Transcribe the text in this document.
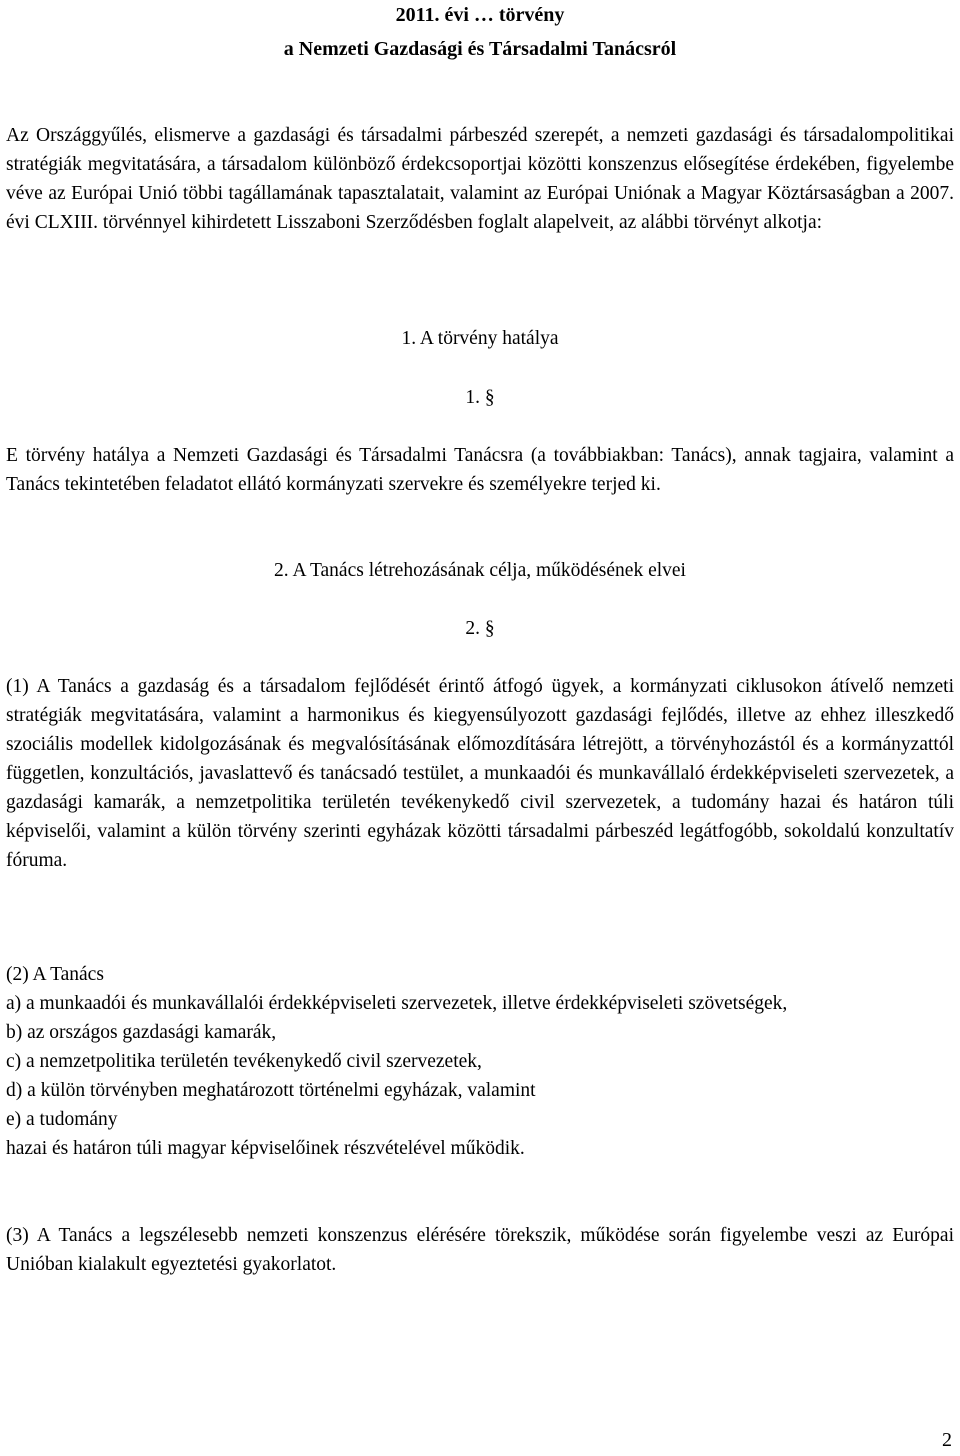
2011. évi … törvény

a Nemzeti Gazdasági és Társadalmi Tanácsról

Az Országgyűlés, elismerve a gazdasági és társadalmi párbeszéd szerepét, a nemzeti gazdasági és társadalompolitikai stratégiák megvitatására, a társadalom különböző érdekcsoportjai közötti konszenzus elősegítése érdekében, figyelembe véve az Európai Unió többi tagállamának tapasztalatait, valamint az Európai Uniónak a Magyar Köztársaságban a 2007. évi CLXIII. törvénnyel kihirdetett Lisszaboni Szerződésben foglalt alapelveit, az alábbi törvényt alkotja:

1. A törvény hatálya

1. §

E törvény hatálya a Nemzeti Gazdasági és Társadalmi Tanácsra (a továbbiakban: Tanács), annak tagjaira, valamint a Tanács tekintetében feladatot ellátó kormányzati szervekre és személyekre terjed ki.

2. A Tanács létrehozásának célja, működésének elvei

2. §

(1) A Tanács a gazdaság és a társadalom fejlődését érintő átfogó ügyek, a kormányzati ciklusokon átívelő nemzeti stratégiák megvitatására, valamint a harmonikus és kiegyensúlyozott gazdasági fejlődés, illetve az ehhez illeszkedő szociális modellek kidolgozásának és megvalósításának előmozdítására létrejött, a törvényhozástól és a kormányzattól független, konzultációs, javaslattevő és tanácsadó testület, a munkaadói és munkavállaló érdekképviseleti szervezetek, a gazdasági kamarák, a nemzetpolitika területén tevékenykedő civil szervezetek, a tudomány hazai és határon túli képviselői, valamint a külön törvény szerinti egyházak közötti társadalmi párbeszéd legátfogóbb, sokoldalú konzultatív fóruma.

(2) A Tanács
a) a munkaadói és munkavállalói érdekképviseleti szervezetek, illetve érdekképviseleti szövetségek,
b) az országos gazdasági kamarák,
c) a nemzetpolitika területén tevékenykedő civil szervezetek,
d) a külön törvényben meghatározott történelmi egyházak, valamint
e) a tudomány
hazai és határon túli magyar képviselőinek részvételével működik.

(3) A Tanács a legszélesebb nemzeti konszenzus elérésére törekszik, működése során figyelembe veszi az Európai Unióban kialakult egyeztetési gyakorlatot.

2
